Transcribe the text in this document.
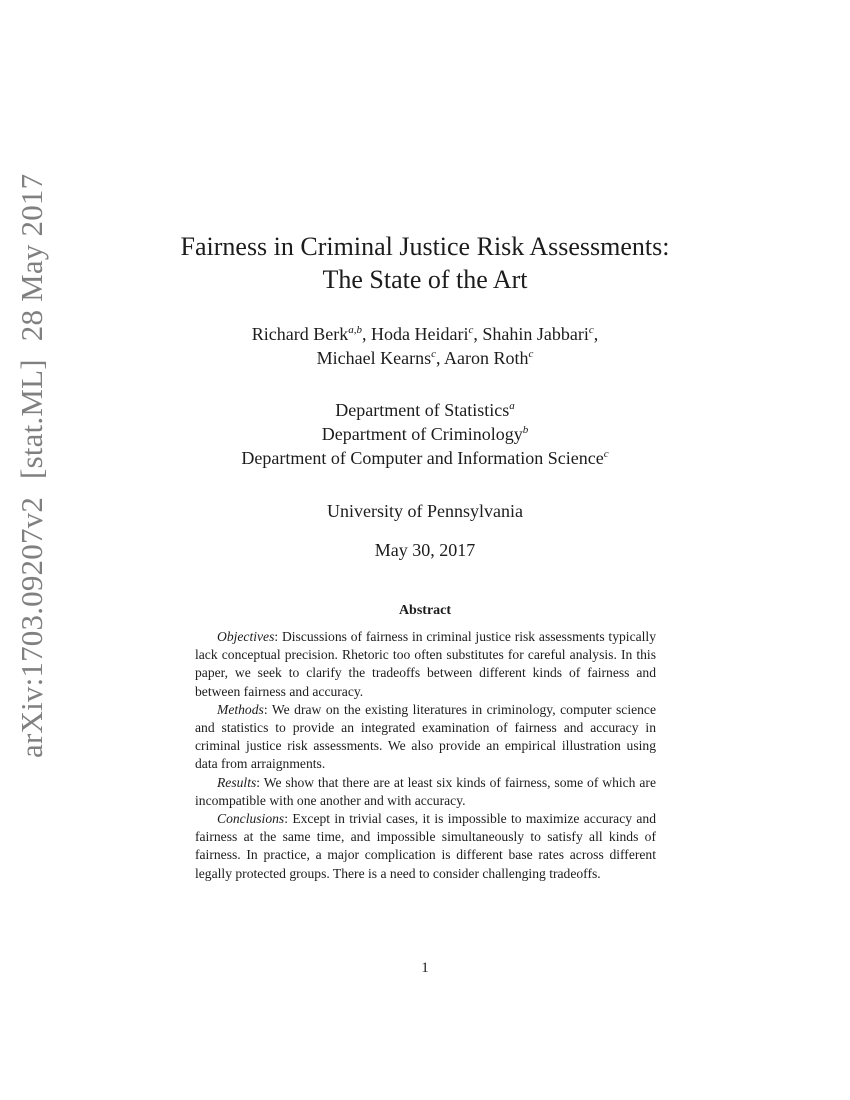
arXiv:1703.09207v2[stat.ML]28 May 2017	Fairness in Criminal Justice Risk Assessments:
The State of the Art
Richard Berk$^{a,b}$, Hoda Heidari$^c$, Shahin Jabbari$^c$,
Michael Kearns$^c$, Aaron Roth$^c$
Department of Statistics$^a$
Department of Criminology$^b$
Department of Computer and Information Science$^c$
University of Pennsylvania
May 30, 2017
Abstract

Objectives: Discussions of fairness in criminal justice risk assessments typically lack conceptual precision. Rhetoric too often substitutes for careful analysis. In this paper, we seek to clarify the tradeoffs between different kinds of fairness and between fairness and accuracy.

Methods: We draw on the existing literatures in criminology, computer science and statistics to provide an integrated examination of fairness and accuracy in criminal justice risk assessments. We also provide an empirical illustration using data from arraignments.

Results: We show that there are at least six kinds of fairness, some of which are incompatible with one another and with accuracy.

Conclusions: Except in trivial cases, it is impossible to maximize accuracy and fairness at the same time, and impossible simultaneously to satisfy all kinds of fairness. In practice, a major complication is different base rates across different legally protected groups. There is a need to consider challenging tradeoffs.

1
